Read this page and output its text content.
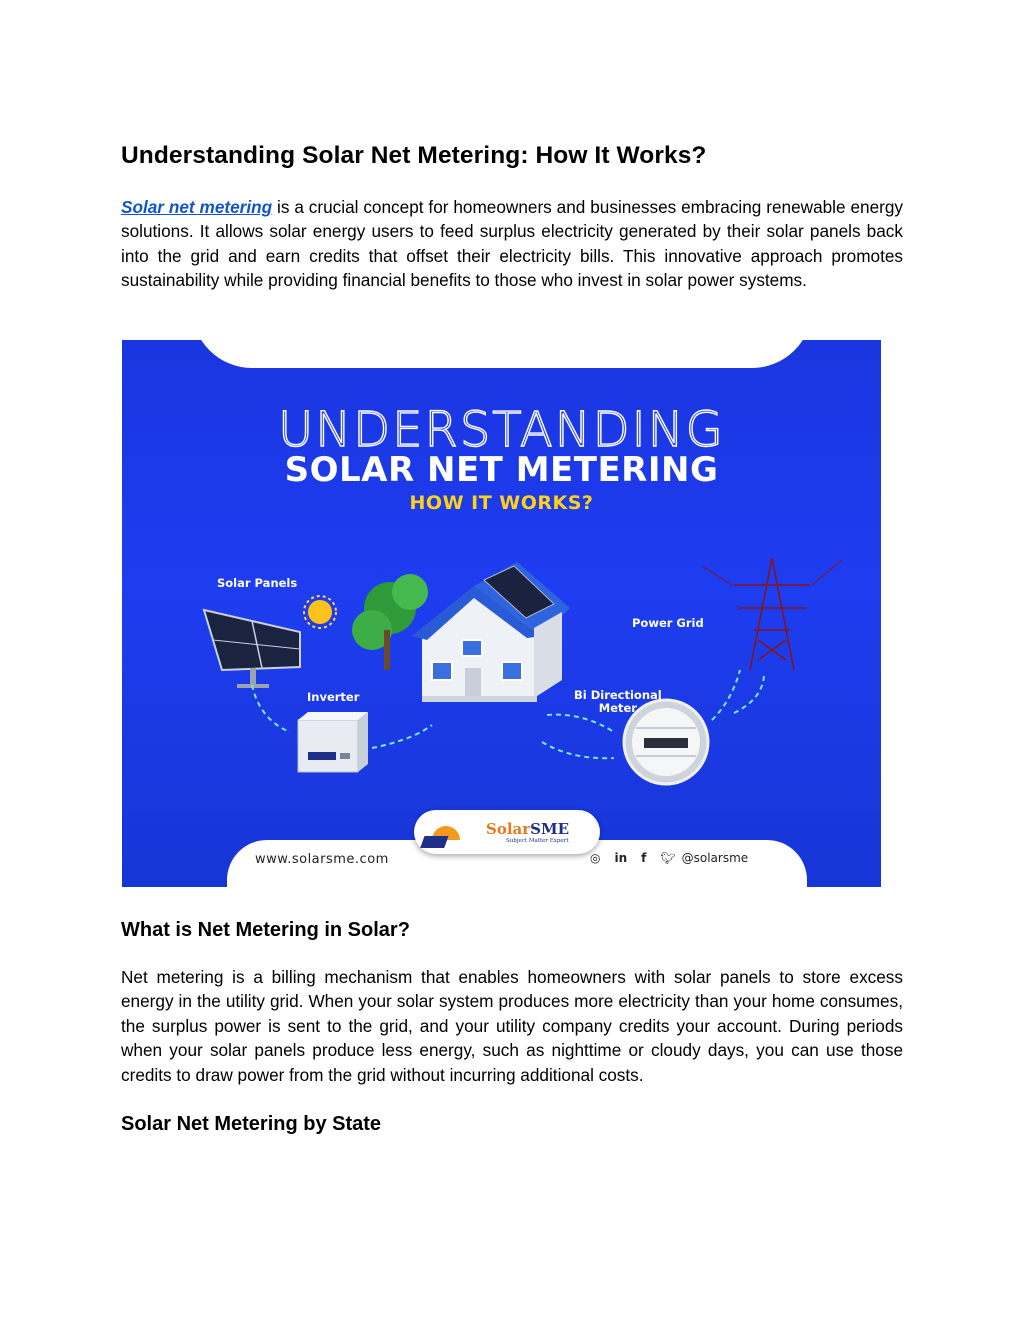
Understanding Solar Net Metering: How It Works?

Solar net metering is a crucial concept for homeowners and businesses embracing renewable energy solutions. It allows solar energy users to feed surplus electricity generated by their solar panels back into the grid and earn credits that offset their electricity bills. This innovative approach promotes sustainability while providing financial benefits to those who invest in solar power systems.

What is Net Metering in Solar?

Net metering is a billing mechanism that enables homeowners with solar panels to store excess energy in the utility grid. When your solar system produces more electricity than your home consumes, the surplus power is sent to the grid, and your utility company credits your account. During periods when your solar panels produce less energy, such as nighttime or cloudy days, you can use those credits to draw power from the grid without incurring additional costs.

Solar Net Metering by State
UNDERSTANDING
SOLAR NET METERING
HOW IT WORKS?
Solar Panels
Power Grid
Inverter	Bi Directional
Meter
SolarSME
Subject Matter Expert
www.solarsme.com	◎ in f 🐦︎ @solarsme
